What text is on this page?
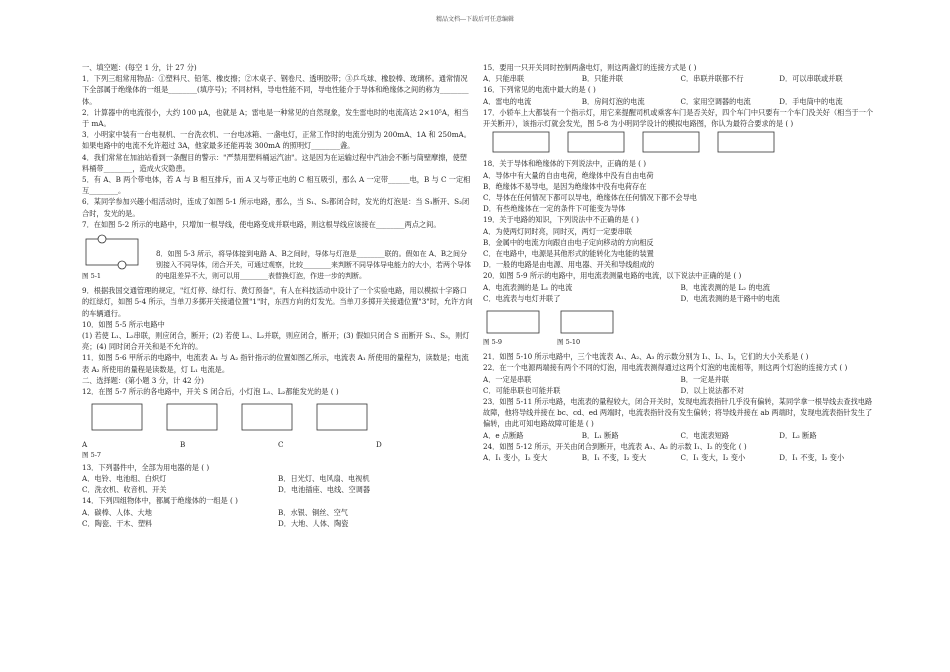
精品文档---下载后可任意编辑

一、填空题：(每空 1 分，计 27 分)

1．下列三组常用物品：①塑料尺、铅笔、橡皮擦；②木桌子、钢卷尺、透明胶带；③乒乓球、橡胶棒、玻璃杯。通常情况下全部属于绝缘体的一组是________(填序号)；不同材料，导电性能不同，导电性能介于导体和绝缘体之间的称为________体。

2．计算器中的电流很小，大约 100 μA，也就是 A；雷电是一种常见的自然现象，发生雷电时的电流高达 2×10⁵A，相当于 mA。

3．小明家中装有一台电视机、一台洗衣机、一台电冰箱、一盏电灯，正常工作时的电流分别为 200mA、1A 和 250mA。如果电路中的电流不允许超过 3A，他家最多还能再装 300mA 的照明灯________盏。

4．我们常常在加油站看到一条醒目的警示："严禁用塑料桶运汽油"。这是因为在运输过程中汽油会不断与筒壁摩擦，使塑料桶带________，造成火灾隐患。

5．有 A、B 两个带电体，若 A 与 B 相互排斥，而 A 又与带正电的 C 相互吸引，那么 A 一定带______电，B 与 C 一定相互________。

6．某同学参加兴趣小组活动时，连成了如图 5-1 所示电路，那么，当 S₁、S₂都闭合时，发光的灯泡是：当 S₁断开、S₂闭合时，发光的是。

7．在如图 5-2 所示的电路中，只增加一根导线，使电路变成并联电路，则这根导线应该接在________两点之间。

图 5-1

8．如图 5-3 所示，将导体接到电路 A、B之间时，导体与灯泡是________联的。假如在 A、B之间分别接入不同导体，闭合开关，可通过观察，比较________来判断不同导体导电能力的大小，若两个导体的电阻差异不大，则可以用________表替换灯泡，作进一步的判断。

9．根据我国交通管理的规定，"红灯停、绿灯行、黄灯预备"，有人在科技活动中设计了一个实验电路，用以模拟十字路口的红绿灯，如图 5-4 所示，当单刀多掷开关接通位置"1"时，东西方向的灯发光。当单刀多掷开关接通位置"3"时，允许方向的车辆通行。

10．如图 5-5 所示电路中

(1) 若使 L₁、L₂串联，则应闭合，断开；(2) 若使 L₁、L₂并联，则应闭合，断开；(3) 假如只闭合 S 而断开 S₁、S₃，则灯亮；(4) 同时闭合开关和是不允许的。

11．如图 5-6 甲所示的电路中，电流表 A₁ 与 A₂ 指针指示的位置如图乙所示，电流表 A₁ 所使用的量程为，读数是；电流表 A₂ 所使用的量程是读数是，灯 L₁ 电流是。

二、选择题：(第小题 3 分，计 42 分)

12．在图 5-7 所示的各电路中，开关 S 闭合后，小灯泡 L₁、L₂都能发光的是 ( )

A	B	C	D
图 5-7

13．下列器件中，全部为用电器的是 ( )

A．电铃、电池组、白炽灯	B．日光灯、电风扇、电视机
C．洗衣机、收音机、开关	D．电池插座、电线、空调器

14．下列四组物体中，都属于绝缘体的一组是 ( )

A．碳棒、人体、大地	B．水银、铜丝、空气
C．陶瓷、干木、塑料	D．大地、人体、陶瓷

15．要用一只开关同时控制两盏电灯，则这两盏灯的连接方式是 ( )

A．只能串联	B．只能并联	C．串联并联都不行	D．可以串联或并联

16．下列常见的电流中最大的是 ( )

A．雷电的电流	B．房间灯泡的电流	C．家用空调器的电流	D．手电筒中的电流

17．小轿车上大都装有一个指示灯，用它来提醒司机或乘客车门是否关好，四个车门中只要有一个车门没关好（相当于一个开关断开），该指示灯就会发光，图 5-8 为小明同学设计的模拟电路图，你认为最符合要求的是 ( )

18．关于导体和绝缘体的下列说法中，正确的是 ( )

A．导体中有大量的自由电荷，绝缘体中没有自由电荷

B．绝缘体不易导电，是因为绝缘体中没有电荷存在

C．导体在任何情况下都可以导电，绝缘体在任何情况下都不会导电

D．有些绝缘体在一定的条件下可能变为导体

19．关于电路的知识，下列说法中不正确的是 ( )

A．为使两灯同时亮，同时灭，两灯一定要串联

B．金属中的电流方向跟自由电子定向移动的方向相反

C．在电路中，电源是其他形式的能转化为电能的装置

D．一般的电路是由电源、用电器、开关和导线组成的

20．如图 5-9 所示的电路中，用电流表测量电路的电流，以下说法中正确的是 ( )

A．电流表测的是 L₁ 的电流	B．电流表测的是 L₂ 的电流
C．电流表与电灯并联了	D．电流表测的是干路中的电流
图 5-9	图 5-10

21．如图 5-10 所示电路中，三个电流表 A₁、A₂、A₃ 的示数分别为 I₁、I₂、I₃，它们的大小关系是 ( )

22．在一个电源两端接有两个不同的灯泡，用电流表测得通过这两个灯泡的电流相等，则这两个灯泡的连接方式 ( )

A．一定是串联	B．一定是并联
C．可能串联也可能并联	D．以上说法都不对

23．如图 5-11 所示电路，电流表的量程较大，闭合开关时，发现电流表指针几乎没有偏转，某同学拿一根导线去查找电路故障，他将导线并接在 bc、cd、ed 两端时，电流表指针没有发生偏转；将导线并接在 ab 两端时，发现电流表指针发生了偏转，由此可知电路故障可能是 ( )

A．e 点断路	B．L₁ 断路	C．电流表短路	D．L₂ 断路

24．如图 5-12 所示，开关由闭合到断开，电流表 A₁、A₂ 的示数 I₁、I₂ 的变化 ( )

A．I₁ 变小，I₂ 变大	B．I₁ 不变，I₂ 变大	C．I₁ 变大，I₂ 变小	D．I₁ 不变，I₂ 变小
